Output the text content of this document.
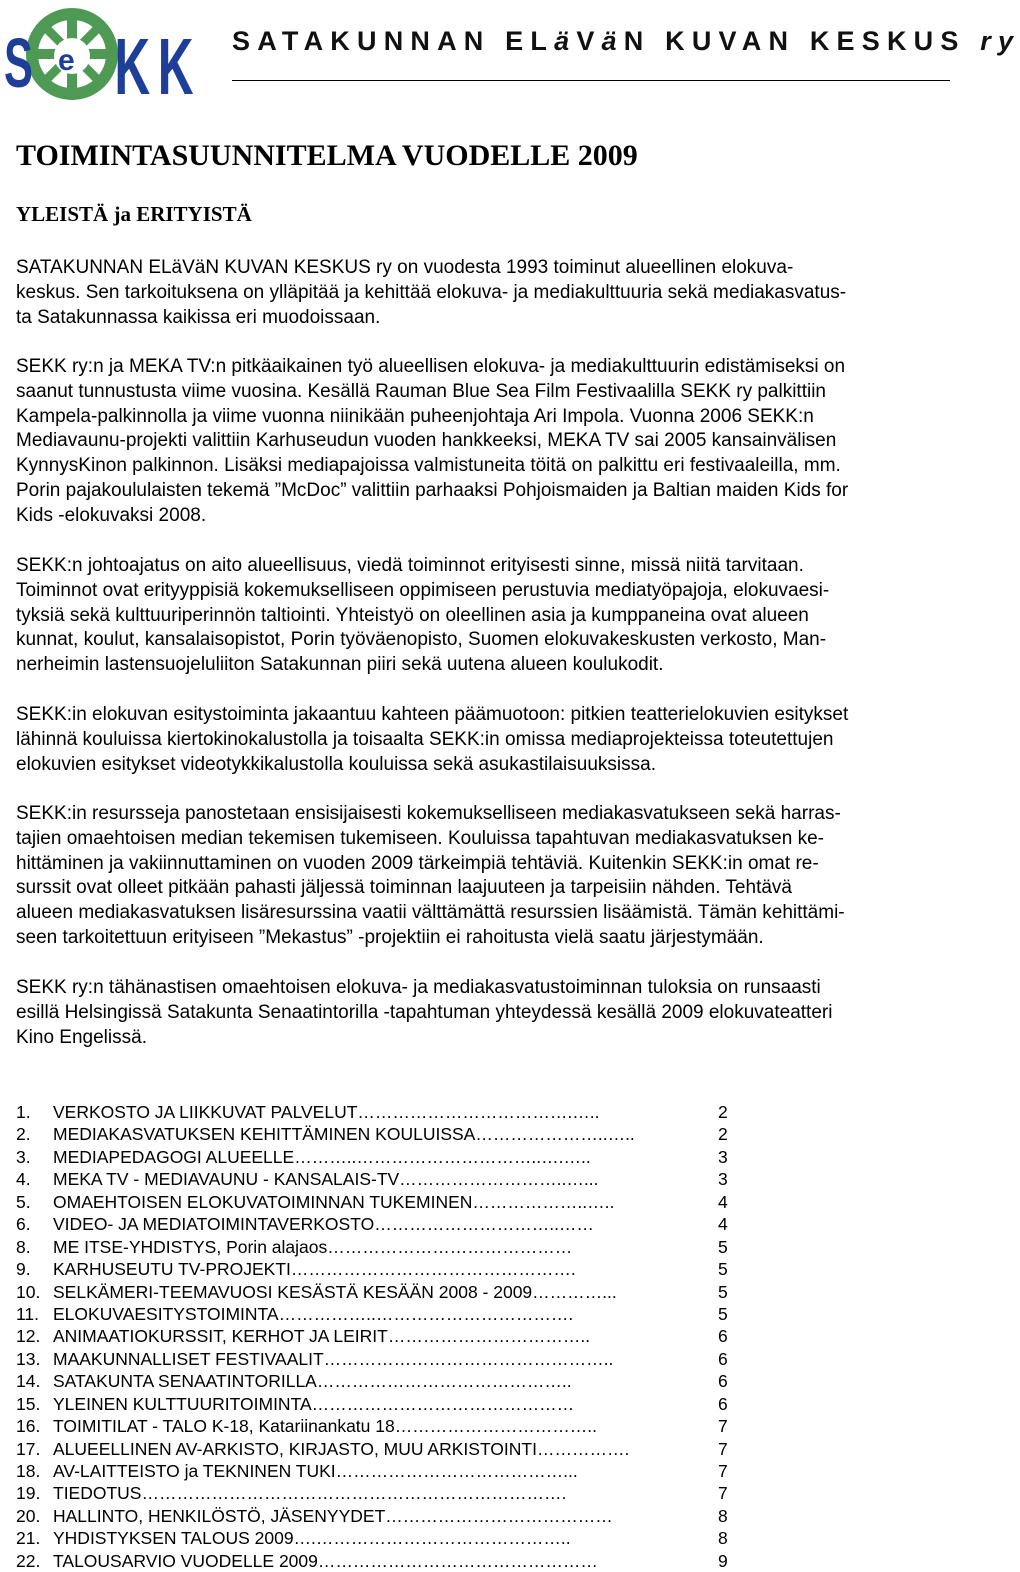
S e K K SATAKUNNAN ELäVäN KUVAN KESKUS ry
TOIMINTASUUNNITELMA VUODELLE 2009
YLEISTÄ ja ERITYISTÄ
SATAKUNNAN ELäVäN KUVAN KESKUS ry on vuodesta 1993 toiminut alueellinen elokuva-
keskus. Sen tarkoituksena on ylläpitää ja kehittää elokuva- ja mediakulttuuria sekä mediakasvatus-
ta Satakunnassa kaikissa eri muodoissaan.
SEKK ry:n ja MEKA TV:n pitkäaikainen työ alueellisen elokuva- ja mediakulttuurin edistämiseksi on
saanut tunnustusta viime vuosina. Kesällä Rauman Blue Sea Film Festivaalilla SEKK ry palkittiin
Kampela-palkinnolla ja viime vuonna niinikään puheenjohtaja Ari Impola. Vuonna 2006 SEKK:n
Mediavaunu-projekti valittiin Karhuseudun vuoden hankkeeksi, MEKA TV sai 2005 kansainvälisen
KynnysKinon palkinnon. Lisäksi mediapajoissa valmistuneita töitä on palkittu eri festivaaleilla, mm.
Porin pajakoululaisten tekemä ”McDoc” valittiin parhaaksi Pohjoismaiden ja Baltian maiden Kids for
Kids -elokuvaksi 2008.
SEKK:n johtoajatus on aito alueellisuus, viedä toiminnot erityisesti sinne, missä niitä tarvitaan.
Toiminnot ovat erityyppisiä kokemukselliseen oppimiseen perustuvia mediatyöpajoja, elokuvaesi-
tyksiä sekä kulttuuriperinnön taltiointi. Yhteistyö on oleellinen asia ja kumppaneina ovat alueen
kunnat, koulut, kansalaisopistot, Porin työväenopisto, Suomen elokuvakeskusten verkosto, Man-
nerheimin lastensuojeluliiton Satakunnan piiri sekä uutena alueen koulukodit.
SEKK:in elokuvan esitystoiminta jakaantuu kahteen päämuotoon: pitkien teatterielokuvien esitykset
lähinnä kouluissa kiertokinokalustolla ja toisaalta SEKK:in omissa mediaprojekteissa toteutettujen
elokuvien esitykset videotykkikalustolla kouluissa sekä asukastilaisuuksissa.
SEKK:in resursseja panostetaan ensisijaisesti kokemukselliseen mediakasvatukseen sekä harras-
tajien omaehtoisen median tekemisen tukemiseen. Kouluissa tapahtuvan mediakasvatuksen ke-
hittäminen ja vakiinnuttaminen on vuoden 2009 tärkeimpiä tehtäviä. Kuitenkin SEKK:in omat re-
surssit ovat olleet pitkään pahasti jäljessä toiminnan laajuuteen ja tarpeisiin nähden. Tehtävä
alueen mediakasvatuksen lisäresurssina vaatii välttämättä resurssien lisäämistä. Tämän kehittämi-
seen tarkoitettuun erityiseen ”Mekastus” -projektiin ei rahoitusta vielä saatu järjestymään.
SEKK ry:n tähänastisen omaehtoisen elokuva- ja mediakasvatustoiminnan tuloksia on runsaasti
esillä Helsingissä Satakunta Senaatintorilla -tapahtuman yhteydessä kesällä 2009 elokuvateatteri
Kino Engelissä.
1. VERKOSTO JA LIIKKUVAT PALVELUT……………………………….…..	2
2. MEDIAKASVATUKSEN KEHITTÄMINEN KOULUISSA…………………..…..	2
3. MEDIAPEDAGOGI ALUEELLE………..…………………………..….…..	3
4. MEKA TV - MEDIAVAUNU - KANSALAIS-TV………………………..…...	3
5. OMAEHTOISEN ELOKUVATOIMINNAN TUKEMINEN………………..…..	4
6. VIDEO- JA MEDIATOIMINTAVERKOSTO…………………………..……	4
8. ME ITSE-YHDISTYS, Porin alajaos……………………………………	5
9. KARHUSEUTU TV-PROJEKTI………………………………………….	5
10. SELKÄMERI-TEEMAVUOSI KESÄSTÄ KESÄÄN 2008 - 2009…………...	5
11. ELOKUVAESITYSTOIMINTA……………..…………………………….	5
12. ANIMAATIOKURSSIT, KERHOT JA LEIRIT……………………………..	6
13. MAAKUNNALLISET FESTIVAALIT…………………………………………..	6
14. SATAKUNTA SENAATINTORILLA……………………………………..	6
15. YLEINEN KULTTUURITOIMINTA………………………………………	6
16. TOIMITILAT - TALO K-18, Katariinankatu 18……………………………..	7
17. ALUEELLINEN AV-ARKISTO, KIRJASTO, MUU ARKISTOINTI…………….	7
18. AV-LAITTEISTO ja TEKNINEN TUKI…………………………………...	7
19. TIEDOTUS……………………………………………………………….	7
20. HALLINTO, HENKILÖSTÖ, JÄSENYYDET…………………………………	8
21. YHDISTYKSEN TALOUS 2009….……………………………………..	8
22. TALOUSARVIO VUODELLE 2009…………………………………………	9
